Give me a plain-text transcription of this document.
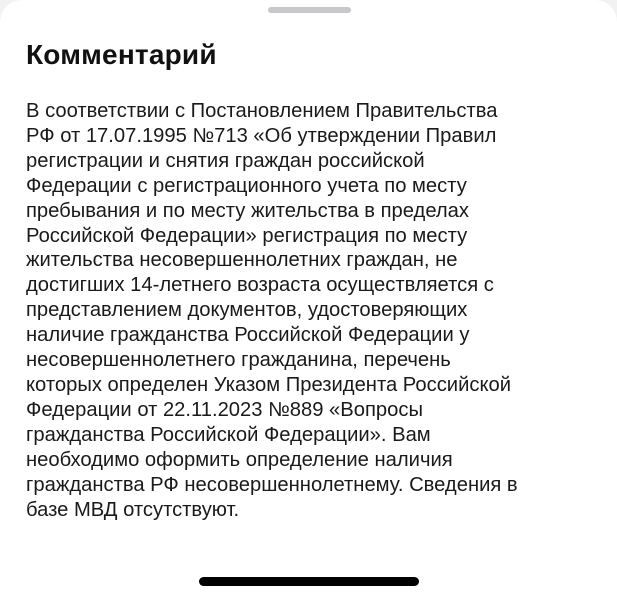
Комментарий
В соответствии с Постановлением Правительства
РФ от 17.07.1995 №713 «Об утверждении Правил
регистрации и снятия граждан российской
Федерации с регистрационного учета по месту
пребывания и по месту жительства в пределах
Российской Федерации» регистрация по месту
жительства несовершеннолетних граждан, не
достигших 14-летнего возраста осуществляется с
представлением документов, удостоверяющих
наличие гражданства Российской Федерации у
несовершеннолетнего гражданина, перечень
которых определен Указом Президента Российской
Федерации от 22.11.2023 №889 «Вопросы
гражданства Российской Федерации». Вам
необходимо оформить определение наличия
гражданства РФ несовершеннолетнему. Сведения в
базе МВД отсутствуют.
